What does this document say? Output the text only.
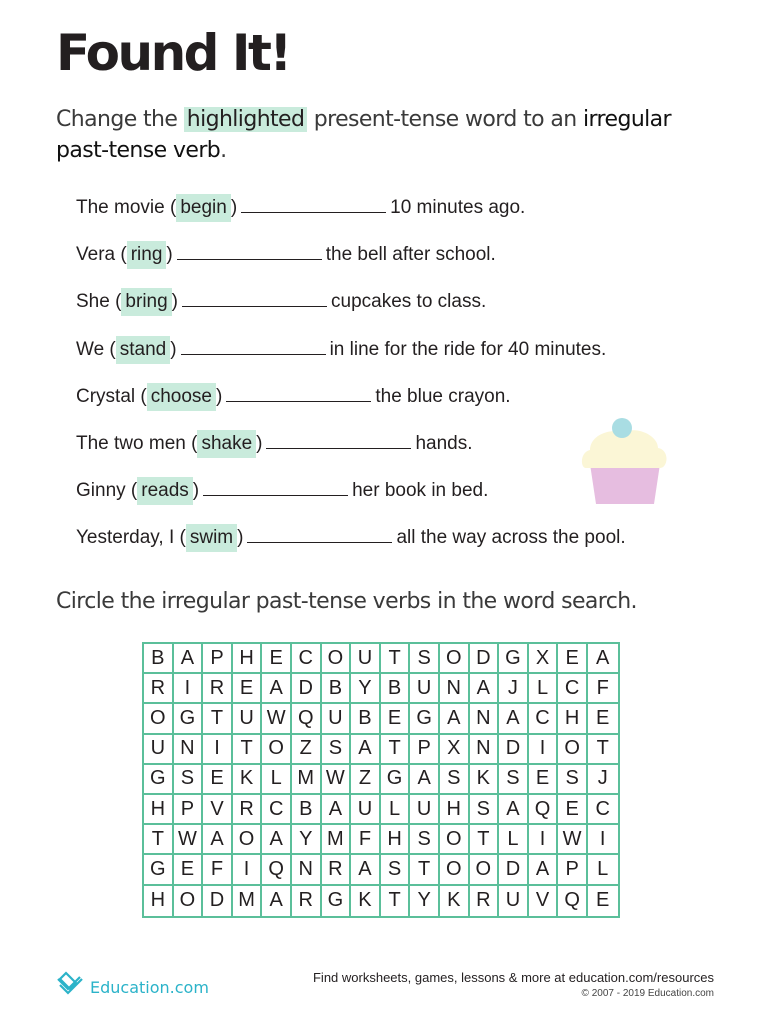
Found It!
Change the highlighted present-tense word to an irregular past-tense verb.
The movie ( begin )	10 minutes ago.
Vera ( ring )	the bell after school.
She ( bring )	cupcakes to class.
We ( stand )	in line for the ride for 40 minutes.
Crystal ( choose )	the blue crayon.
The two men ( shake )	hands.
Ginny ( reads )	her book in bed.
Yesterday, I ( swim )	all the way across the pool.
Circle the irregular past-tense verbs in the word search.
B A P H E C O U T S O D G X E A
R I R E A D B Y B U N A J L C F
O G T U W Q U B E G A N A C H E
U N I	T O Z S A T P X N D I O T
G S E K L M W Z G A S K S E S J
H P V R C B A U L U H S A Q E C
T W A O A Y M F H S O T L	I W I
G E F	I Q N R A S T O O D A P L
H O D M A R G K T Y K R U V Q E
Education.com
Find worksheets, games, lessons & more at education.com/resources
© 2007 - 2019 Education.com
